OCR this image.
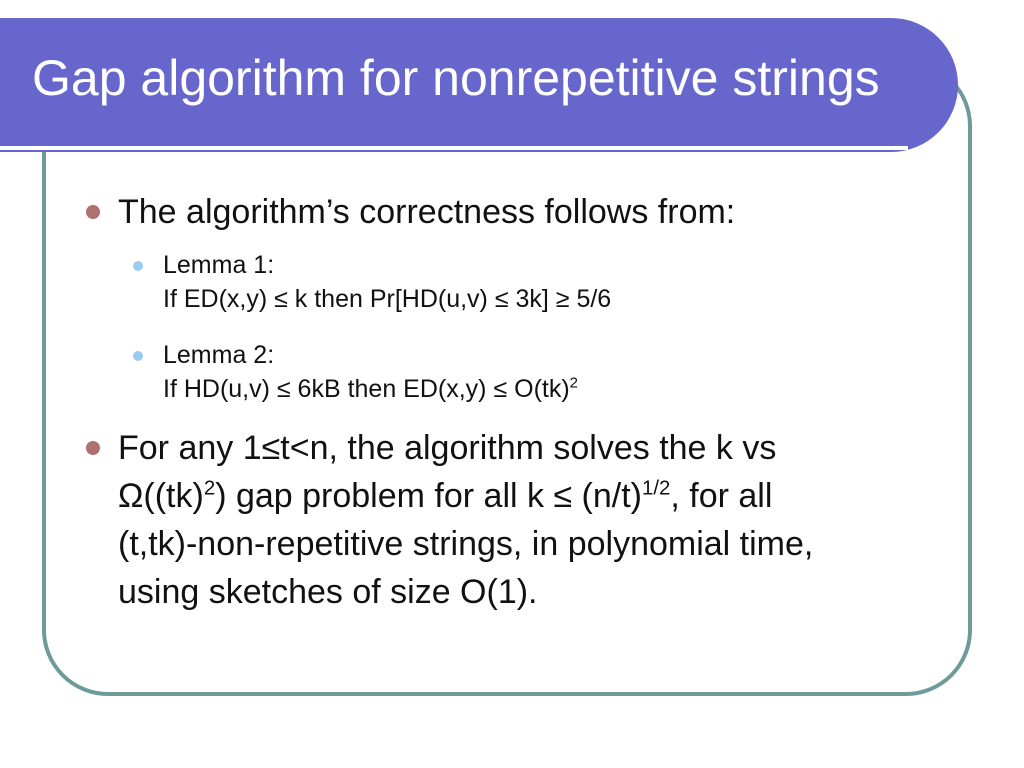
Gap algorithm for nonrepetitive strings
The algorithm’s correctness follows from:
Lemma 1:
If ED(x,y) ≤ k then Pr[HD(u,v) ≤ 3k] ≥ 5/6
Lemma 2:
If HD(u,v) ≤ 6kB then ED(x,y) ≤ O(tk)$^2$
For any 1≤t<n, the algorithm solves the k vs
Ω((tk)$^2$) gap problem for all $k \le (n/t)^{1/2}$, for all
(t,tk)-non-repetitive strings, in polynomial time,
using sketches of size O(1).
